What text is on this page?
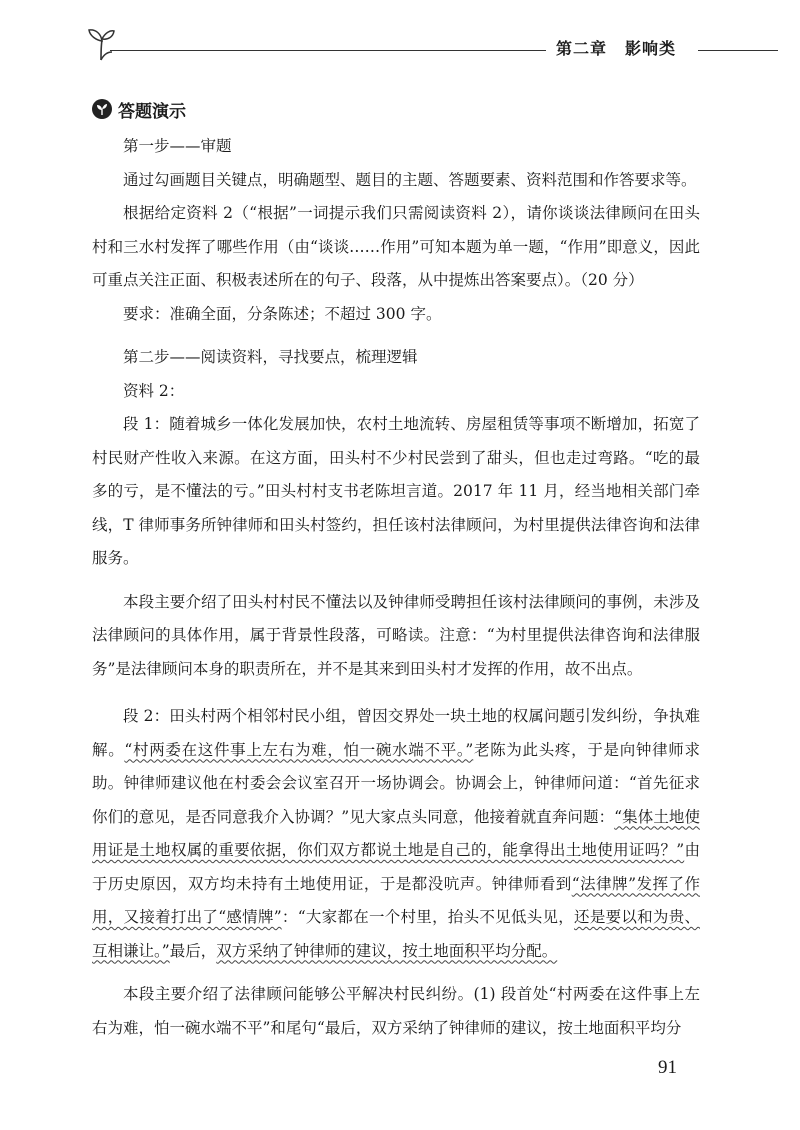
第二章 影响类
答题演示

第一步——审题

通过勾画题目关键点，明确题型、题目的主题、答题要素、资料范围和作答要求等。

根据给定资料 2（“根据”一词提示我们只需阅读资料 2），请你谈谈法律顾问在田头村和三水村发挥了哪些作用（由“谈谈……作用”可知本题为单一题，“作用”即意义，因此可重点关注正面、积极表述所在的句子、段落，从中提炼出答案要点）。（20 分）

要求：准确全面，分条陈述；不超过 300 字。

第二步——阅读资料，寻找要点，梳理逻辑

资料 2：

段 1：随着城乡一体化发展加快，农村土地流转、房屋租赁等事项不断增加，拓宽了村民财产性收入来源。在这方面，田头村不少村民尝到了甜头，但也走过弯路。“吃的最多的亏，是不懂法的亏。”田头村村支书老陈坦言道。2017 年 11 月，经当地相关部门牵线，T 律师事务所钟律师和田头村签约，担任该村法律顾问，为村里提供法律咨询和法律服务。

本段主要介绍了田头村村民不懂法以及钟律师受聘担任该村法律顾问的事例，未涉及法律顾问的具体作用，属于背景性段落，可略读。注意：“为村里提供法律咨询和法律服务”是法律顾问本身的职责所在，并不是其来到田头村才发挥的作用，故不出点。

段 2：田头村两个相邻村民小组，曾因交界处一块土地的权属问题引发纠纷，争执难解。“村两委在这件事上左右为难，怕一碗水端不平。”老陈为此头疼，于是向钟律师求助。钟律师建议他在村委会会议室召开一场协调会。协调会上，钟律师问道：“首先征求你们的意见，是否同意我介入协调？”见大家点头同意，他接着就直奔问题：“集体土地使用证是土地权属的重要依据，你们双方都说土地是自己的，能拿得出土地使用证吗？”由于历史原因，双方均未持有土地使用证，于是都没吭声。钟律师看到“法律牌”发挥了作用，又接着打出了“感情牌”：“大家都在一个村里，抬头不见低头见，还是要以和为贵、互相谦让。”最后，双方采纳了钟律师的建议，按土地面积平均分配。

本段主要介绍了法律顾问能够公平解决村民纠纷。(1) 段首处“村两委在这件事上左右为难，怕一碗水端不平”和尾句“最后，双方采纳了钟律师的建议，按土地面积平均分

91
